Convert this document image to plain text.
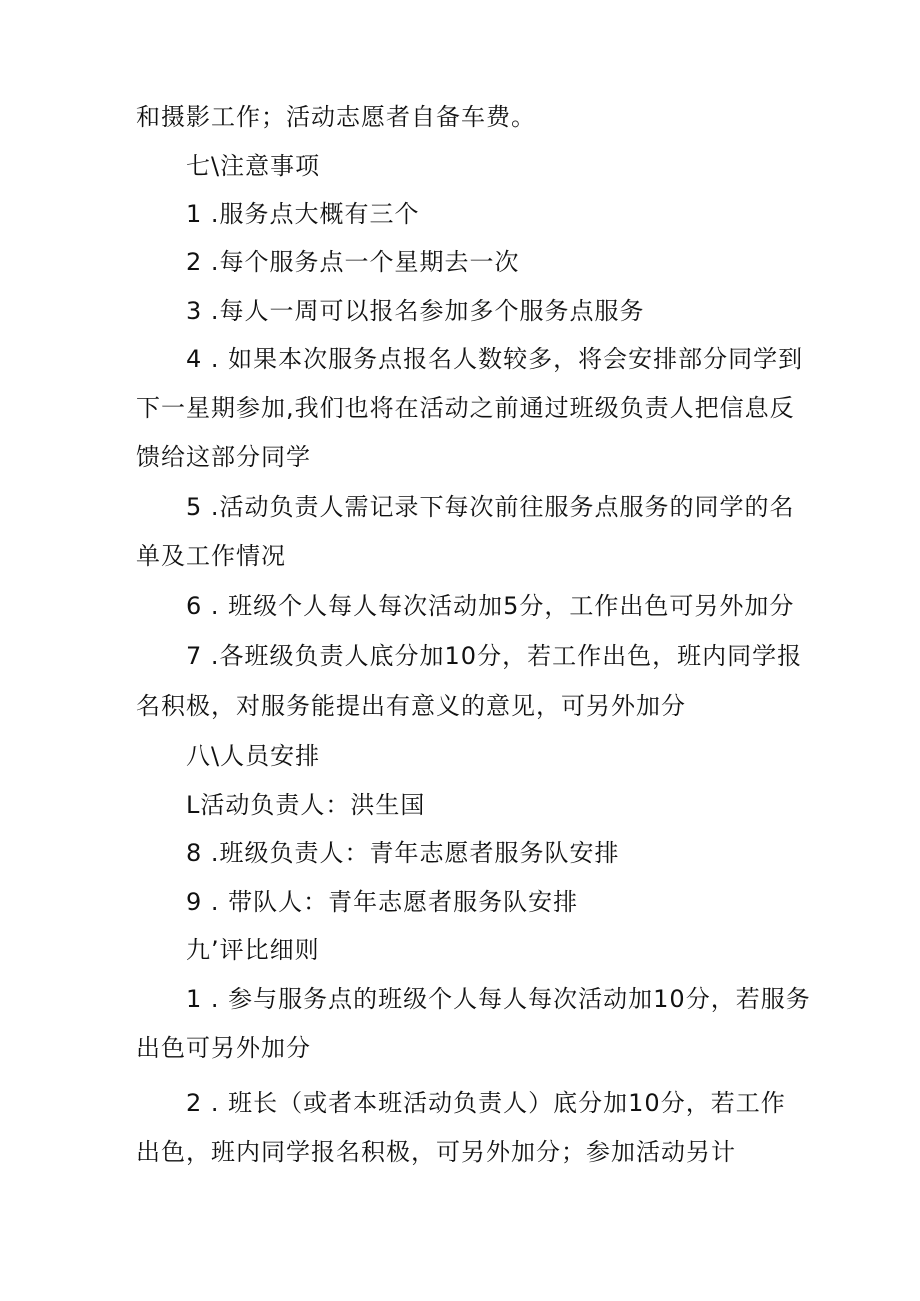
和摄影工作；活动志愿者自备车费。
七\注意事项
1 .服务点大概有三个
2 .每个服务点一个星期去一次
3 .每人一周可以报名参加多个服务点服务
4 . 如果本次服务点报名人数较多，将会安排部分同学到
下一星期参加,我们也将在活动之前通过班级负责人把信息反
馈给这部分同学
5 .活动负责人需记录下每次前往服务点服务的同学的名
单及工作情况
6 . 班级个人每人每次活动加5分，工作出色可另外加分
7 .各班级负责人底分加10分，若工作出色，班内同学报
名积极，对服务能提出有意义的意见，可另外加分
八\人员安排
L活动负责人：洪生国
8 .班级负责人：青年志愿者服务队安排
9 . 带队人：青年志愿者服务队安排
九’评比细则
1 . 参与服务点的班级个人每人每次活动加10分，若服务
出色可另外加分
2 . 班长（或者本班活动负责人）底分加10分，若工作
出色，班内同学报名积极，可另外加分；参加活动另计
